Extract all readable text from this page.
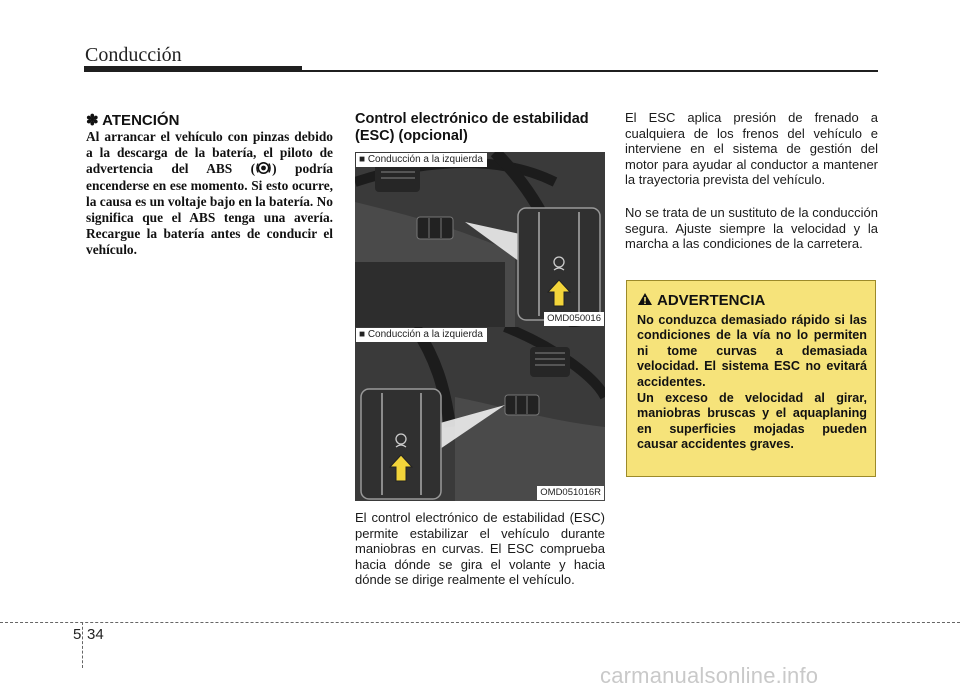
Conducción
✽ ATENCIÓN
Al arrancar el vehículo con pinzas debido a la descarga de la batería, el piloto de advertencia del ABS ( ) podría encenderse en ese momento. Si esto ocurre, la causa es un voltaje bajo en la batería. No significa que el ABS tenga una avería. Recargue la batería antes de conducir el vehículo.
Control electrónico de estabilidad (ESC) (opcional)
■ Conducción a la izquierda
OMD050016
■ Conducción a la izquierda
OMD051016R
El control electrónico de estabilidad (ESC) permite estabilizar el vehículo durante maniobras en curvas. El ESC comprueba hacia dónde se gira el volante y hacia dónde se dirige realmente el vehículo.

El ESC aplica presión de frenado a cualquiera de los frenos del vehículo e interviene en el sistema de gestión del motor para ayudar al conductor a mantener la trayectoria prevista del vehículo.

No se trata de un sustituto de la conducción segura. Ajuste siempre la velocidad y la marcha a las condiciones de la carretera.

ADVERTENCIA

No conduzca demasiado rápido si las condiciones de la vía no lo permiten ni tome curvas a demasiada velocidad. El sistema ESC no evitará accidentes.

Un exceso de velocidad al girar, maniobras bruscas y el aquaplaning en superficies mojadas pueden causar accidentes graves.

5 34
carmanualsonline.info
